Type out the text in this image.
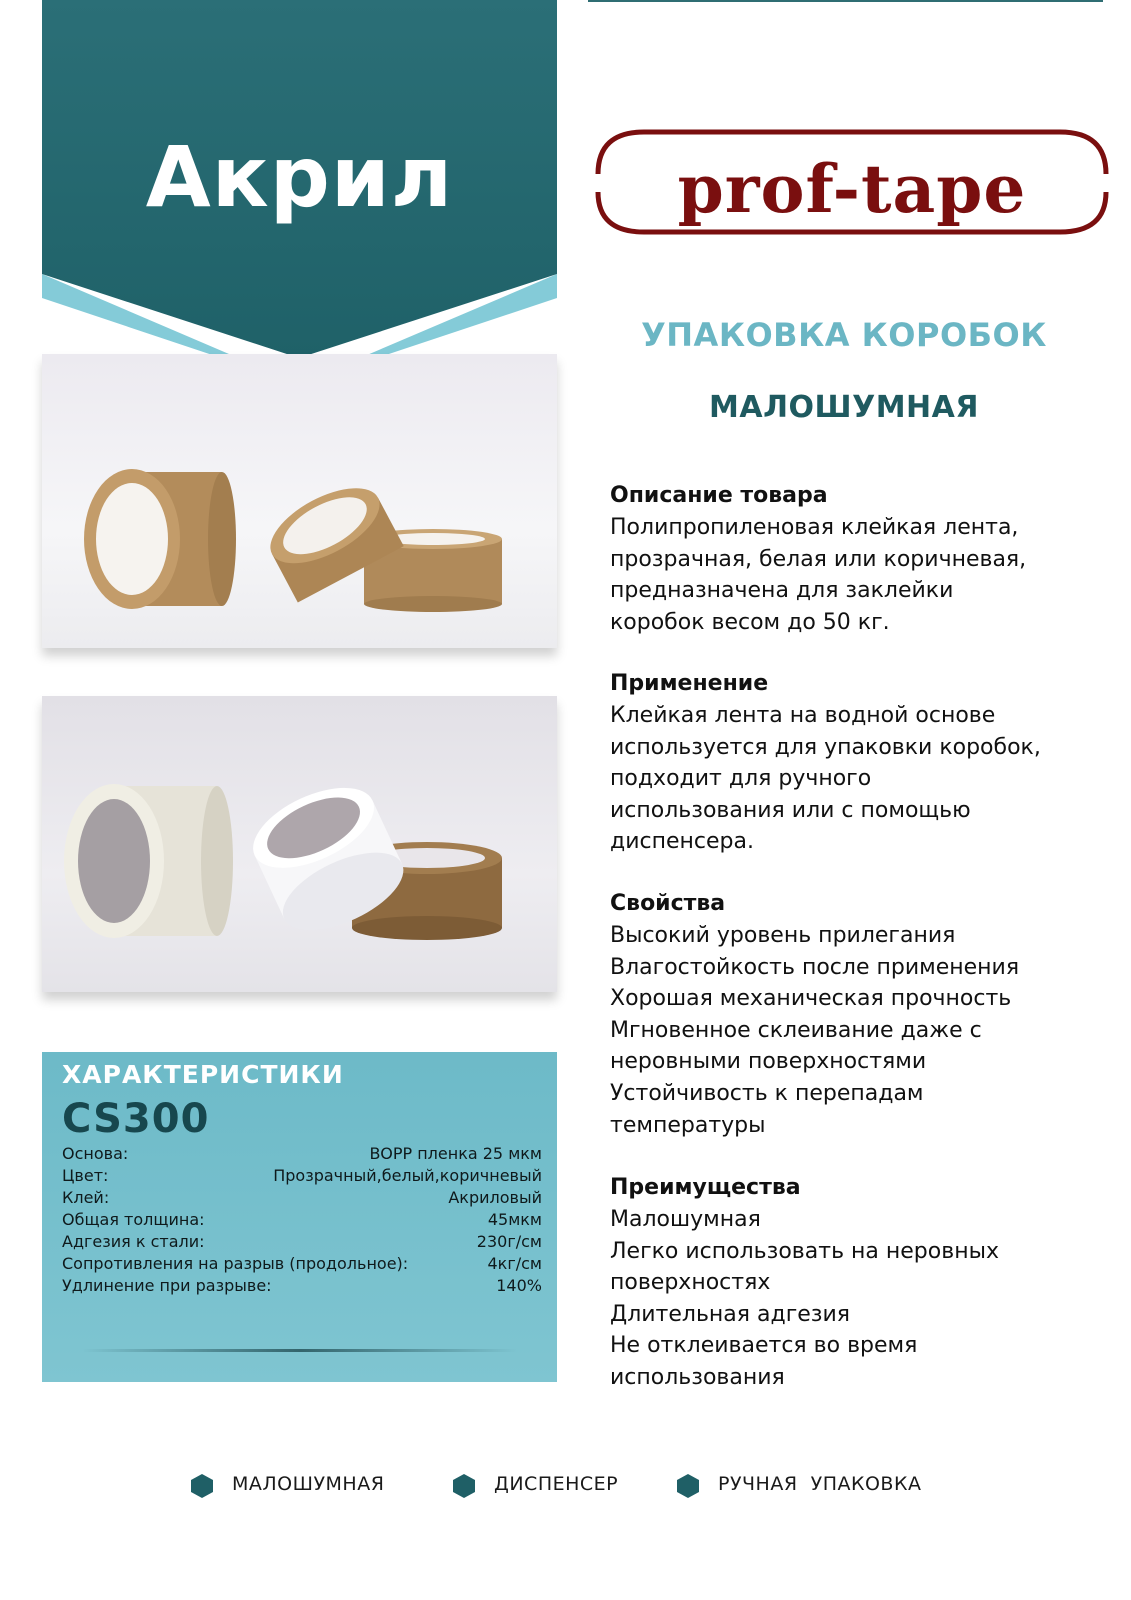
Акрил	prof-tape
ХАРАКТЕРИСТИКИ
CS300
Основа:	BOPP пленка 25 мкм
Цвет:	Прозрачный,белый,коричневый
Клей:	Акриловый
Общая толщина:	45мкм
Адгезия к стали:	230г/см
Сопротивления на разрыв (продольное):	4кг/см
Удлинение при разрыве:	140%
УПАКОВКА КОРОБОК
МАЛОШУМНАЯ
Описание товара
Полипропиленовая клейкая лента,
прозрачная, белая или коричневая,
предназначена для заклейки
коробок весом до 50 кг.
Применение
Клейкая лента на водной основе
используется для упаковки коробок,
подходит для ручного
использования или с помощью
диспенсера.
Свойства
Высокий уровень прилегания
Влагостойкость после применения
Хорошая механическая прочность
Мгновенное склеивание даже с
неровными поверхностями
Устойчивость к перепадам
температуры
Преимущества
Малошумная
Легко использовать на неровных
поверхностях
Длительная адгезия
Не отклеивается во время
использования
МАЛОШУМНАЯ	ДИСПЕНСЕР	РУЧНАЯ  УПАКОВКА
